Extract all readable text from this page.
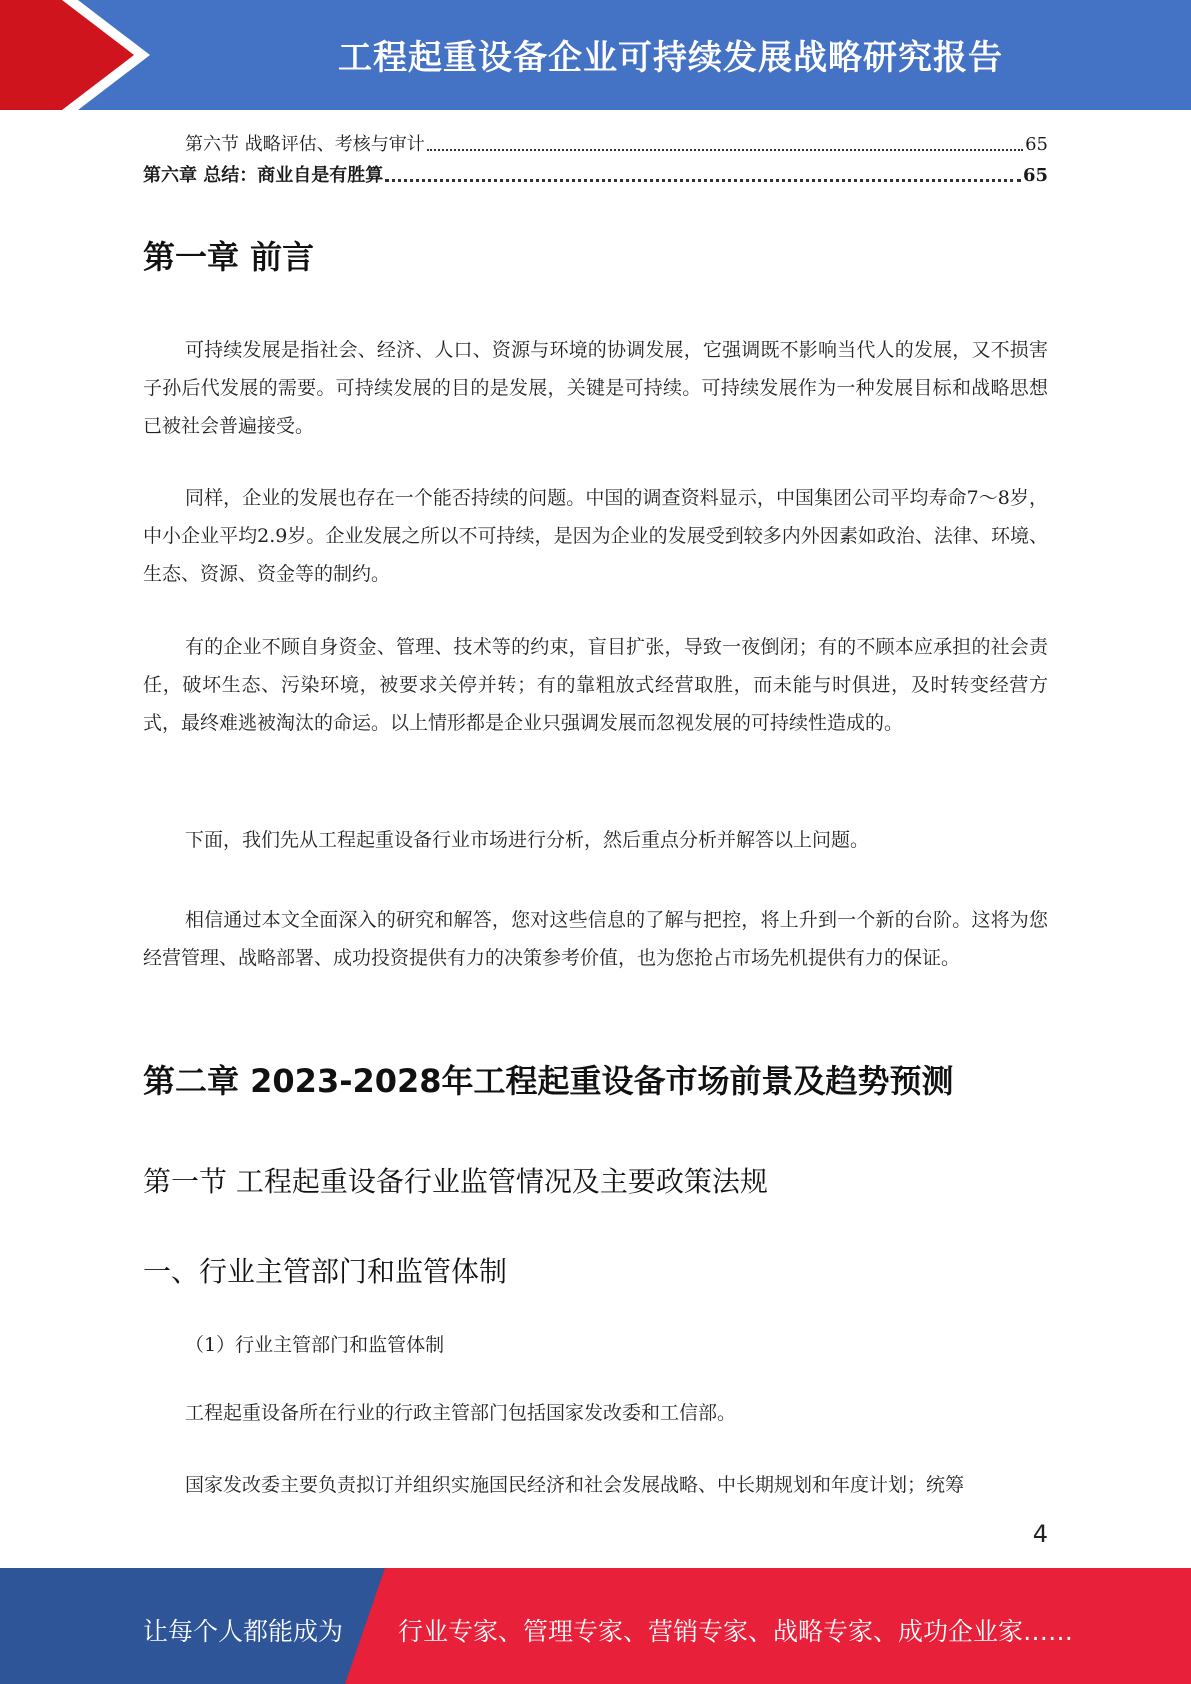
工程起重设备企业可持续发展战略研究报告
第六节 战略评估、考核与审计	65
第六章 总结：商业自是有胜算	65
第一章 前言
可持续发展是指社会、经济、人口、资源与环境的协调发展，它强调既不影响当代人的发展，又不损害子孙后代发展的需要。可持续发展的目的是发展，关键是可持续。可持续发展作为一种发展目标和战略思想已被社会普遍接受。
同样，企业的发展也存在一个能否持续的问题。中国的调查资料显示，中国集团公司平均寿命7～8岁，中小企业平均2.9岁。企业发展之所以不可持续，是因为企业的发展受到较多内外因素如政治、法律、环境、生态、资源、资金等的制约。
有的企业不顾自身资金、管理、技术等的约束，盲目扩张，导致一夜倒闭；有的不顾本应承担的社会责任，破坏生态、污染环境，被要求关停并转；有的靠粗放式经营取胜，而未能与时俱进，及时转变经营方式，最终难逃被淘汰的命运。以上情形都是企业只强调发展而忽视发展的可持续性造成的。
下面，我们先从工程起重设备行业市场进行分析，然后重点分析并解答以上问题。
相信通过本文全面深入的研究和解答，您对这些信息的了解与把控，将上升到一个新的台阶。这将为您经营管理、战略部署、成功投资提供有力的决策参考价值，也为您抢占市场先机提供有力的保证。
第二章 2023-2028年工程起重设备市场前景及趋势预测
第一节 工程起重设备行业监管情况及主要政策法规
一、行业主管部门和监管体制
（1）行业主管部门和监管体制
工程起重设备所在行业的行政主管部门包括国家发改委和工信部。
国家发改委主要负责拟订并组织实施国民经济和社会发展战略、中长期规划和年度计划；统筹
4
让每个人都能成为 行业专家、管理专家、营销专家、战略专家、成功企业家……
